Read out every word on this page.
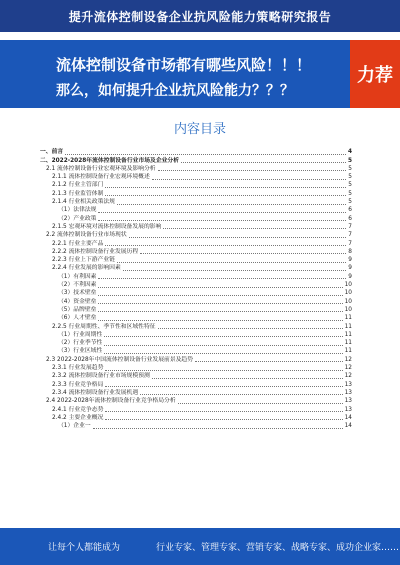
提升流体控制设备企业抗风险能力策略研究报告
流体控制设备市场都有哪些风险！！！
那么，如何提升企业抗风险能力？？？
力荐
内容目录
一、前言	4
二、2022-2028年流体控制设备行业市场及企业分析	5
2.1 流体控制设备行业宏观环境及影响分析	5
2.1.1 流体控制设备行业宏观环境概述	5
2.1.2 行业主管部门	5
2.1.3 行业监管体制	5
2.1.4 行业相关政策法规	5
（1）法律法规	6
（2）产业政策	6
2.1.5 宏观环境对流体控制设备发展的影响	7
2.2 流体控制设备行业市场现状	7
2.2.1 行业主要产品	7
2.2.2 流体控制设备行业发展历程	8
2.2.3 行业上下游产业链	9
2.2.4 行业发展的影响因素	9
（1）有利因素	9
（2）不利因素	10
（3）技术壁垒	10
（4）资金壁垒	10
（5）品牌壁垒	10
（6）人才壁垒	11
2.2.5 行业周期性、季节性和区域性特征	11
（1）行业周期性	11
（2）行业季节性	11
（3）行业区域性	11
2.3 2022-2028年中国流体控制设备行业发展前景及趋势	12
2.3.1 行业发展趋势	12
2.3.2 流体控制设备行业市场规模预测	12
2.3.3 行业竞争格局	13
2.3.4 流体控制设备行业发展机遇	13
2.4 2022-2028年流体控制设备行业竞争格局分析	13
2.4.1 行业竞争态势	13
2.4.2 主要企业概况	14
（1）企业一	14
让每个人都能成为	行业专家、管理专家、营销专家、战略专家、成功企业家……
